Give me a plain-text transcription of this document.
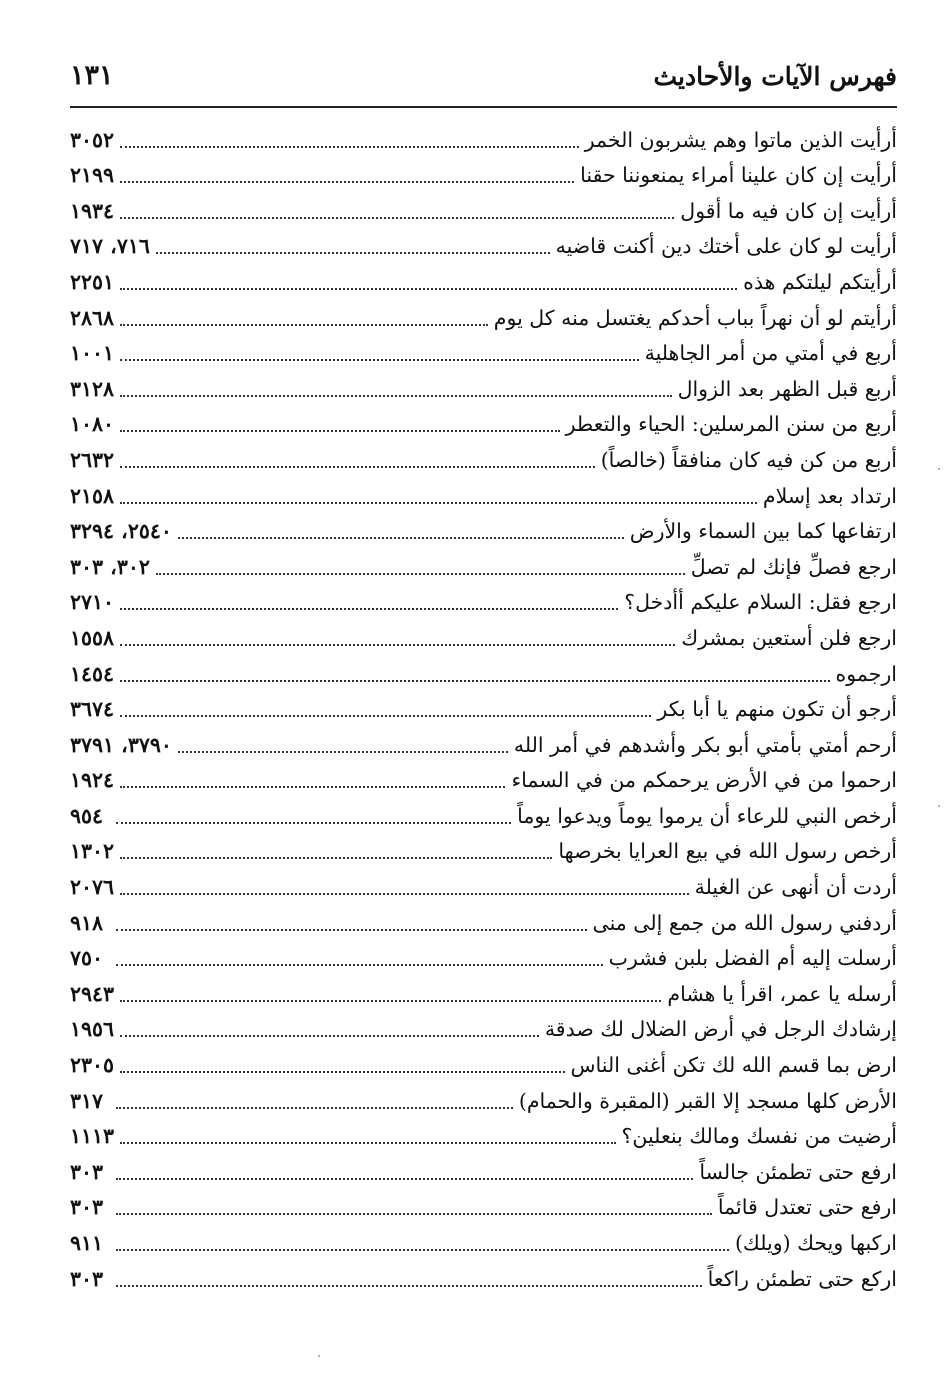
فهرس الآيات والأحاديث
١٣١
أرأيت الذين ماتوا وهم يشربون الخمر
٣٠٥٢
أرأيت إن كان علينا أمراء يمنعوننا حقنا
٢١٩٩
أرأيت إن كان فيه ما أقول
١٩٣٤
أرأيت لو كان على أختك دين أكنت قاضيه
٧١٦، ٧١٧
أرأيتكم ليلتكم هذه
٢٢٥١
أرأيتم لو أن نهراً بباب أحدكم يغتسل منه كل يوم
٢٨٦٨
أربع في أمتي من أمر الجاهلية
١٠٠١
أربع قبل الظهر بعد الزوال
٣١٢٨
أربع من سنن المرسلين: الحياء والتعطر
١٠٨٠
أربع من كن فيه كان منافقاً (خالصاً)
٢٦٣٢
ارتداد بعد إسلام
٢١٥٨
ارتفاعها كما بين السماء والأرض
٢٥٤٠، ٣٢٩٤
ارجع فصلِّ فإنك لم تصلِّ
٣٠٢، ٣٠٣
ارجع فقل: السلام عليكم أأدخل؟
٢٧١٠
ارجع فلن أستعين بمشرك
١٥٥٨
ارجموه
١٤٥٤
أرجو أن تكون منهم يا أبا بكر
٣٦٧٤
أرحم أمتي بأمتي أبو بكر وأشدهم في أمر الله
٣٧٩٠، ٣٧٩١
ارحموا من في الأرض يرحمكم من في السماء
١٩٢٤
أرخص النبي للرعاء أن يرموا يوماً ويدعوا يوماً
٩٥٤
أرخص رسول الله في بيع العرايا بخرصها
١٣٠٢
أردت أن أنهى عن الغيلة
٢٠٧٦
أردفني رسول الله من جمع إلى منى
٩١٨
أرسلت إليه أم الفضل بلبن فشرب
٧٥٠
أرسله يا عمر، اقرأ يا هشام
٢٩٤٣
إرشادك الرجل في أرض الضلال لك صدقة
١٩٥٦
ارض بما قسم الله لك تكن أغنى الناس
٢٣٠٥
الأرض كلها مسجد إلا القبر (المقبرة والحمام)
٣١٧
أرضيت من نفسك ومالك بنعلين؟
١١١٣
ارفع حتى تطمئن جالساً
٣٠٣
ارفع حتى تعتدل قائماً
٣٠٣
اركبها ويحك (ويلك)
٩١١
اركع حتى تطمئن راكعاً
٣٠٣
